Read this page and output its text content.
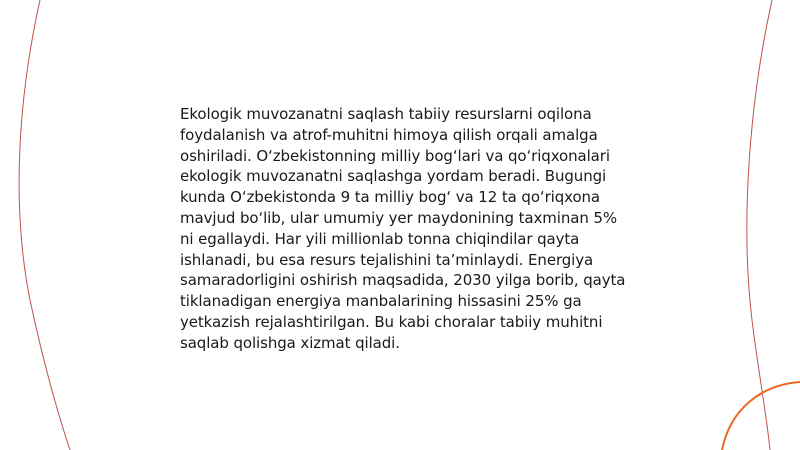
Ekologik muvozanatni saqlash tabiiy resurslarni oqilona foydalanish va atrof-muhitni himoya qilish orqali amalga oshiriladi. O‘zbekistonning milliy bog‘lari va qo‘riqxonalari ekologik muvozanatni saqlashga yordam beradi. Bugungi kunda O‘zbekistonda 9 ta milliy bog‘ va 12 ta qo‘riqxona mavjud bo‘lib, ular umumiy yer maydonining taxminan 5% ni egallaydi. Har yili millionlab tonna chiqindilar qayta ishlanadi, bu esa resurs tejalishini ta’minlaydi. Energiya samaradorligini oshirish maqsadida, 2030 yilga borib, qayta tiklanadigan energiya manbalarining hissasini 25% ga yetkazish rejalashtirilgan. Bu kabi choralar tabiiy muhitni saqlab qolishga xizmat qiladi.
